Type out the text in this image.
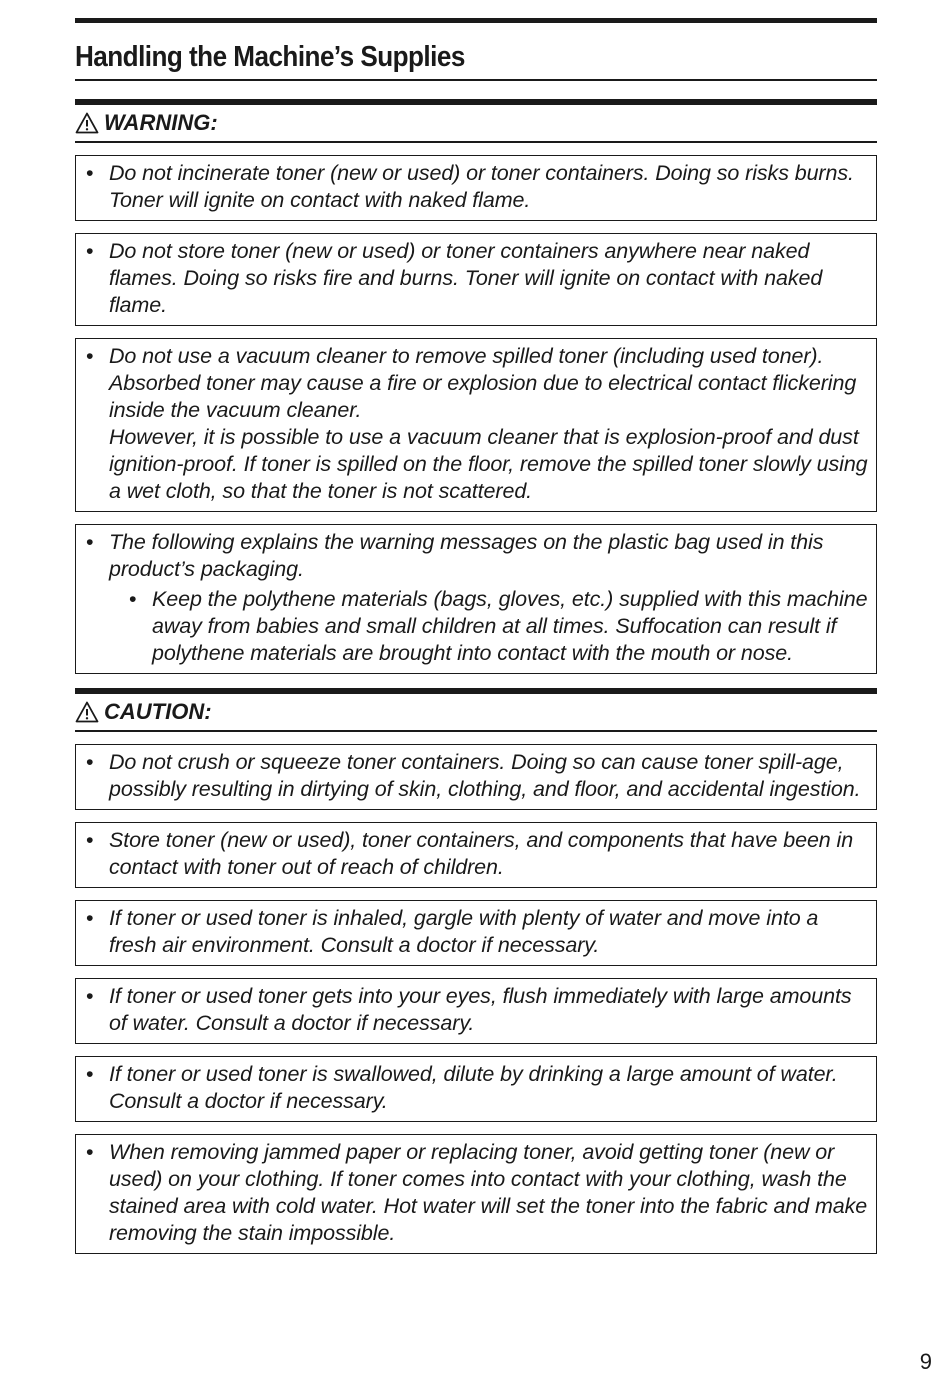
Handling the Machine’s Supplies
WARNING:
• Do not incinerate toner (new or used) or toner containers. Doing so risks burns. Toner will ignite on contact with naked flame.
• Do not store toner (new or used) or toner containers anywhere near naked flames. Doing so risks fire and burns. Toner will ignite on contact with naked flame.
• Do not use a vacuum cleaner to remove spilled toner (including used toner). Absorbed toner may cause a fire or explosion due to electrical contact flickering inside the vacuum cleaner.
However, it is possible to use a vacuum cleaner that is explosion-proof and dust ignition-proof. If toner is spilled on the floor, remove the spilled toner slowly using a wet cloth, so that the toner is not scattered.
• The following explains the warning messages on the plastic bag used in this product’s packaging.
• Keep the polythene materials (bags, gloves, etc.) supplied with this machine away from babies and small children at all times. Suffocation can result if polythene materials are brought into contact with the mouth or nose.
CAUTION:
• Do not crush or squeeze toner containers. Doing so can cause toner spill-age, possibly resulting in dirtying of skin, clothing, and floor, and accidental ingestion.
• Store toner (new or used), toner containers, and components that have been in contact with toner out of reach of children.
• If toner or used toner is inhaled, gargle with plenty of water and move into a fresh air environment. Consult a doctor if necessary.
• If toner or used toner gets into your eyes, flush immediately with large amounts of water. Consult a doctor if necessary.
• If toner or used toner is swallowed, dilute by drinking a large amount of water. Consult a doctor if necessary.
• When removing jammed paper or replacing toner, avoid getting toner (new or used) on your clothing. If toner comes into contact with your clothing, wash the stained area with cold water. Hot water will set the toner into the fabric and make removing the stain impossible.
9
